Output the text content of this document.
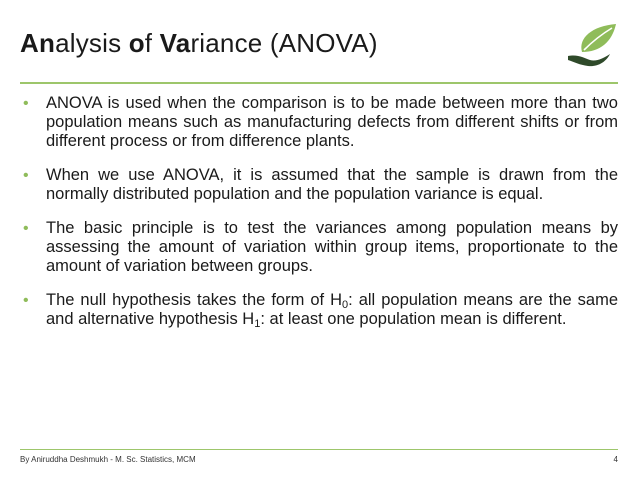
Analysis of Variance (ANOVA)
• ANOVA is used when the comparison is to be made between more than two population means such as manufacturing defects from different shifts or from different process or from difference plants.
• When we use ANOVA, it is assumed that the sample is drawn from the normally distributed population and the population variance is equal.
• The basic principle is to test the variances among population means by assessing the amount of variation within group items, proportionate to the amount of variation between groups.
• The null hypothesis takes the form of $H_0$: all population means are the same and alternative hypothesis $H_1$: at least one population mean is different.
By Aniruddha Deshmukh - M. Sc. Statistics, MCM	4
